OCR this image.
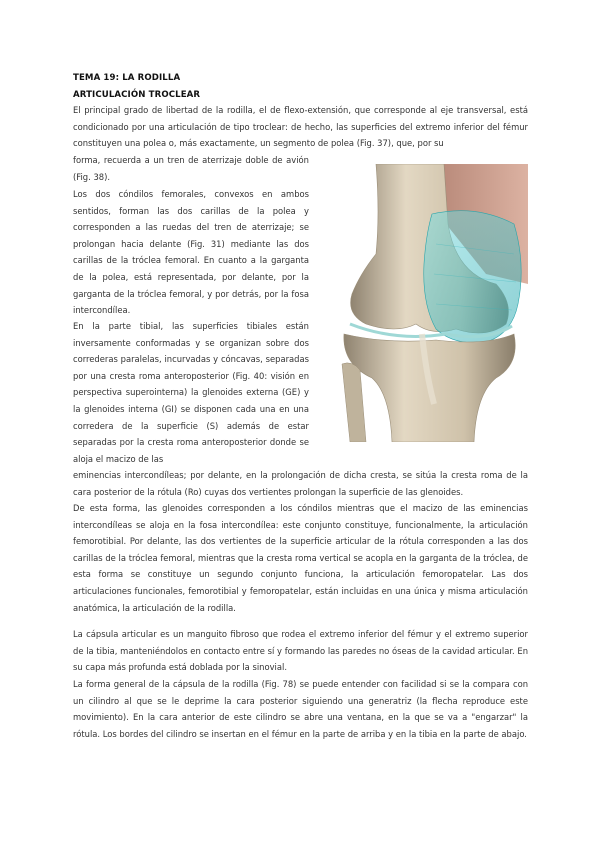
TEMA 19: LA RODILLA
ARTICULACIÓN TROCLEAR

El principal grado de libertad de la rodilla, el de flexo-extensión, que corresponde al eje transversal, está condicionado por una articulación de tipo troclear: de hecho, las superficies del extremo inferior del fémur constituyen una polea o, más exactamente, un segmento de polea (Fig. 37), que, por su

forma, recuerda a un tren de aterrizaje doble de avión (Fig. 38).

Los dos cóndilos femorales, convexos en ambos sentidos, forman las dos carillas de la polea y corresponden a las ruedas del tren de aterrizaje; se prolongan hacia delante (Fig. 31) mediante las dos carillas de la tróclea femoral. En cuanto a la garganta de la polea, está representada, por delante, por la garganta de la tróclea femoral, y por detrás, por la fosa intercondílea.

En la parte tibial, las superficies tibiales están inversamente conformadas y se organizan sobre dos correderas paralelas, incurvadas y cóncavas, separadas por una cresta roma anteroposterior (Fig. 40: visión en perspectiva superointerna) la glenoides externa (GE) y la glenoides interna (GI) se disponen cada una en una corredera de la superficie (S) además de estar separadas por la cresta roma anteroposterior donde se aloja el macizo de las

eminencias intercondíleas; por delante, en la prolongación de dicha cresta, se sitúa la cresta roma de la cara posterior de la rótula (Ro) cuyas dos vertientes prolongan la superficie de las glenoides.

De esta forma, las glenoides corresponden a los cóndilos mientras que el macizo de las eminencias intercondíleas se aloja en la fosa intercondílea: este conjunto constituye, funcionalmente, la articulación femorotibial. Por delante, las dos vertientes de la superficie articular de la rótula corresponden a las dos carillas de la tróclea femoral, mientras que la cresta roma vertical se acopla en la garganta de la tróclea, de esta forma se constituye un segundo conjunto funciona, la articulación femoropatelar. Las dos articulaciones funcionales, femorotibial y femoropatelar, están incluidas en una única y misma articulación anatómica, la articulación de la rodilla.

La cápsula articular es un manguito fibroso que rodea el extremo inferior del fémur y el extremo superior de la tibia, manteniéndolos en contacto entre sí y formando las paredes no óseas de la cavidad articular. En su capa más profunda está doblada por la sinovial.

La forma general de la cápsula de la rodilla (Fig. 78) se puede entender con facilidad si se la compara con un cilindro al que se le deprime la cara posterior siguiendo una generatriz (la flecha reproduce este movimiento). En la cara anterior de este cilindro se abre una ventana, en la que se va a "engarzar" la rótula. Los bordes del cilindro se insertan en el fémur en la parte de arriba y en la tibia en la parte de abajo.
